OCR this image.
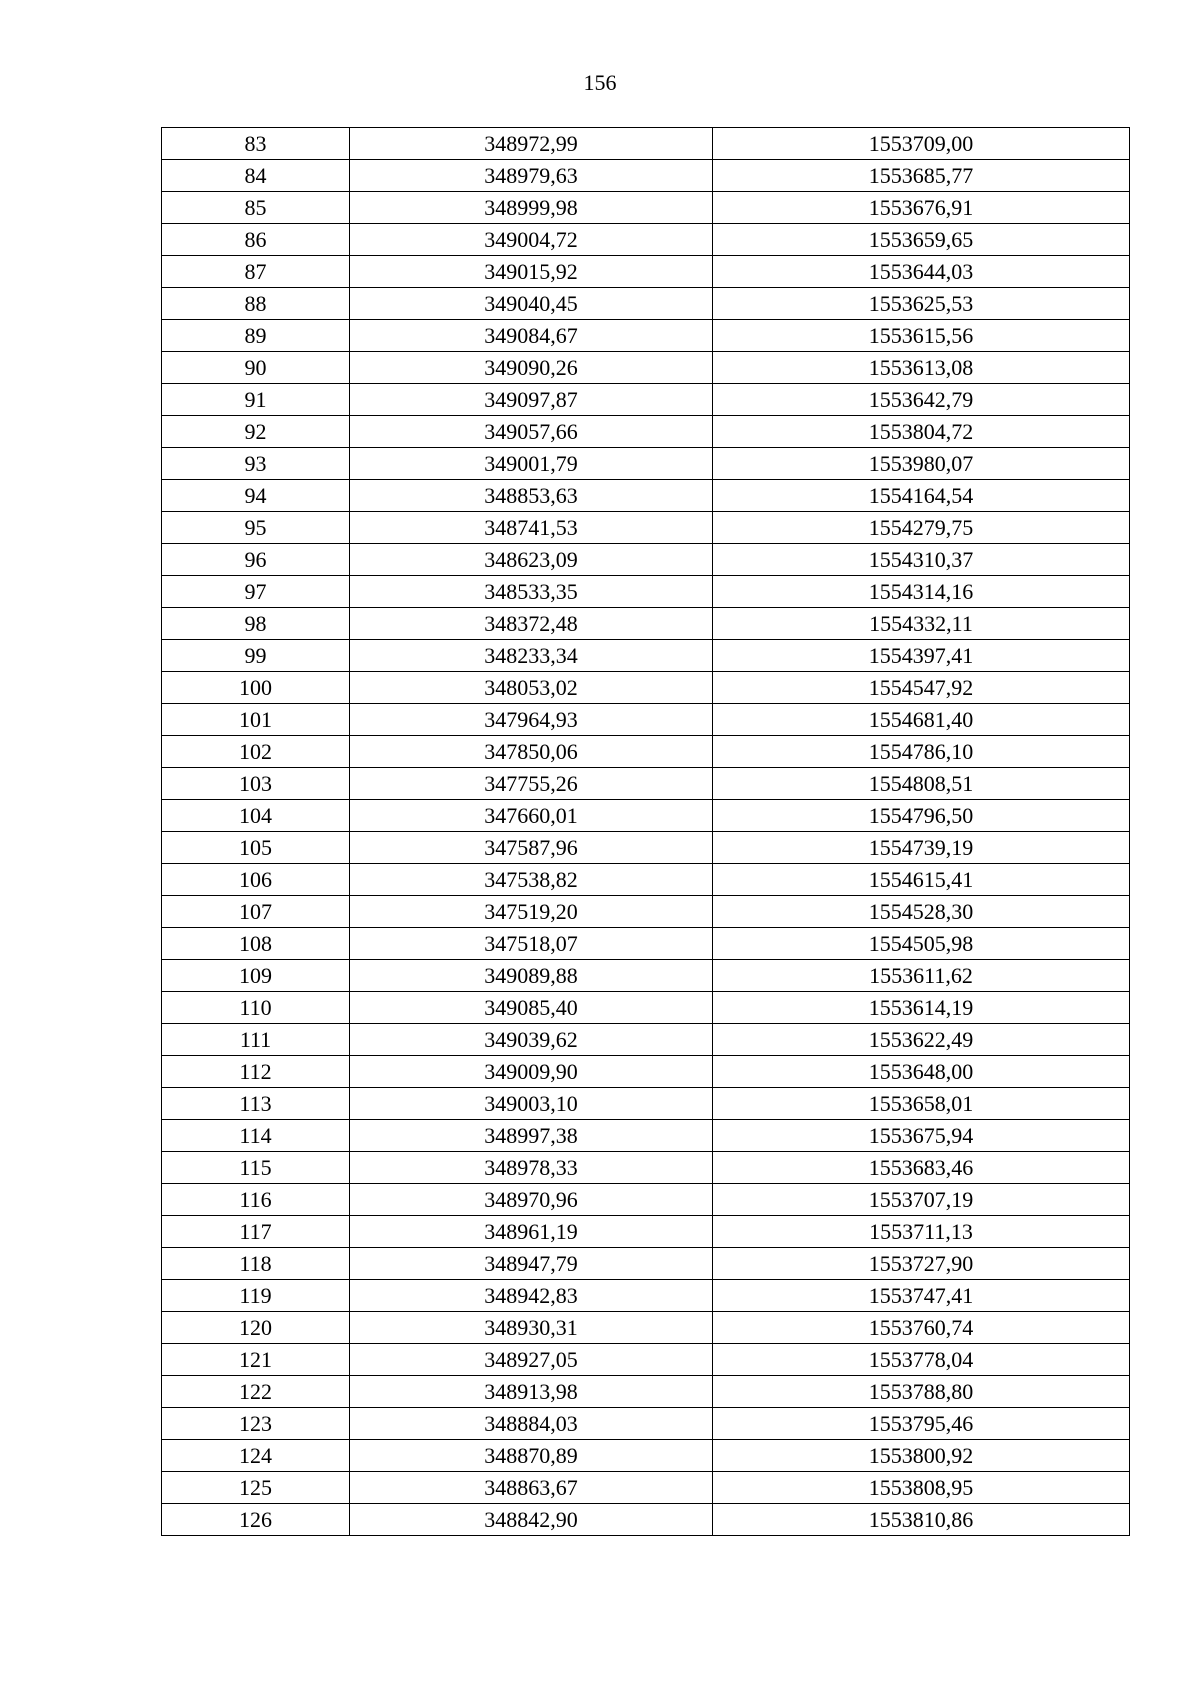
156
83	348972,99	1553709,00
84	348979,63	1553685,77
85	348999,98	1553676,91
86	349004,72	1553659,65
87	349015,92	1553644,03
88	349040,45	1553625,53
89	349084,67	1553615,56
90	349090,26	1553613,08
91	349097,87	1553642,79
92	349057,66	1553804,72
93	349001,79	1553980,07
94	348853,63	1554164,54
95	348741,53	1554279,75
96	348623,09	1554310,37
97	348533,35	1554314,16
98	348372,48	1554332,11
99	348233,34	1554397,41
100	348053,02	1554547,92
101	347964,93	1554681,40
102	347850,06	1554786,10
103	347755,26	1554808,51
104	347660,01	1554796,50
105	347587,96	1554739,19
106	347538,82	1554615,41
107	347519,20	1554528,30
108	347518,07	1554505,98
109	349089,88	1553611,62
110	349085,40	1553614,19
111	349039,62	1553622,49
112	349009,90	1553648,00
113	349003,10	1553658,01
114	348997,38	1553675,94
115	348978,33	1553683,46
116	348970,96	1553707,19
117	348961,19	1553711,13
118	348947,79	1553727,90
119	348942,83	1553747,41
120	348930,31	1553760,74
121	348927,05	1553778,04
122	348913,98	1553788,80
123	348884,03	1553795,46
124	348870,89	1553800,92
125	348863,67	1553808,95
126	348842,90	1553810,86
